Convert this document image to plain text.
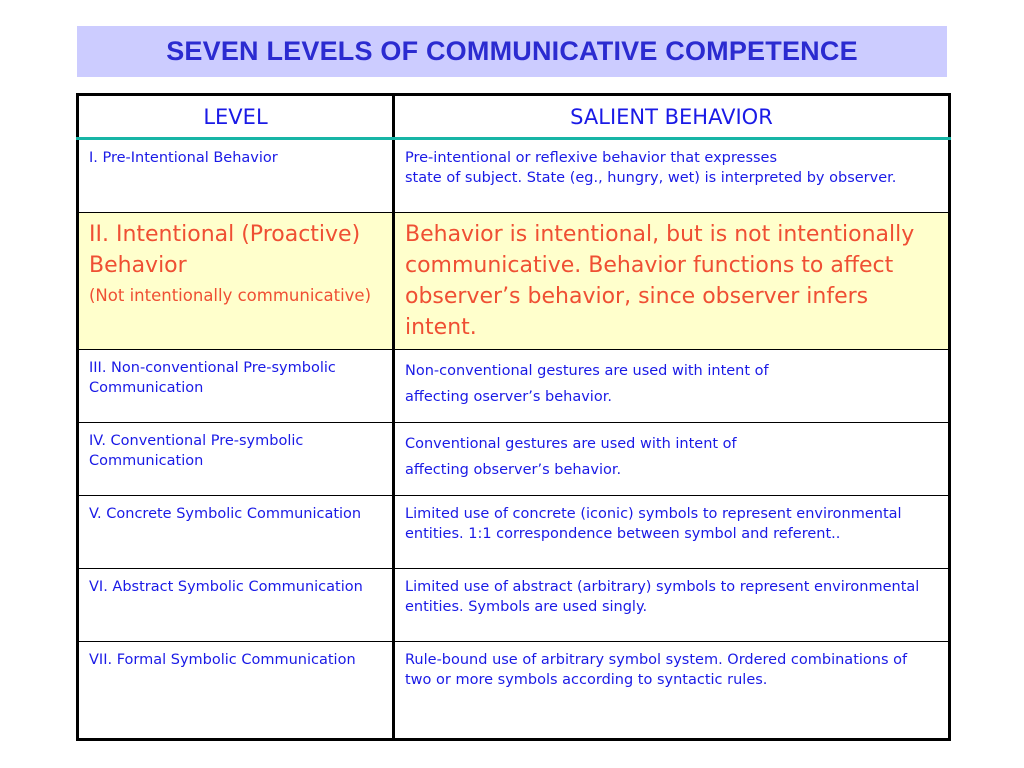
SEVEN LEVELS OF COMMUNICATIVE COMPETENCE
LEVEL	SALIENT BEHAVIOR
I. Pre-Intentional Behavior	Pre-intentional or reflexive behavior that expresses
state of subject. State (eg., hungry, wet) is interpreted by observer.

II. Intentional (Proactive) Behavior
(Not intentionally communicative)	Behavior is intentional, but is not intentionally communicative. Behavior functions to affect observer’s behavior, since observer infers intent.

III. Non-conventional Pre-symbolic Communication	Non-conventional gestures are used with intent of
affecting oserver’s behavior.

IV. Conventional Pre-symbolic Communication	Conventional gestures are used with intent of
affecting observer’s behavior.

V. Concrete Symbolic Communication	Limited use of concrete (iconic) symbols to represent environmental entities. 1:1 correspondence between symbol and referent..
VI. Abstract Symbolic Communication	Limited use of abstract (arbitrary) symbols to represent environmental entities. Symbols are used singly.
VII. Formal Symbolic Communication	Rule-bound use of arbitrary symbol system. Ordered combinations of two or more symbols according to syntactic rules.
